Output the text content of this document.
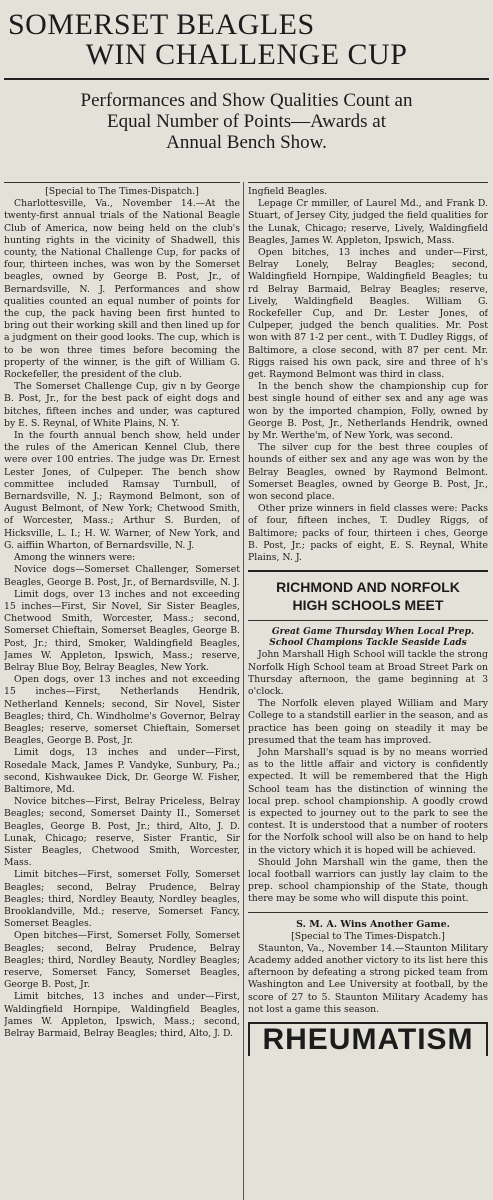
SOMERSET BEAGLES
WIN CHALLENGE CUP
Performances and Show Qualities Count an
Equal Number of Points—Awards at
Annual Bench Show.

[Special to The Times-Dispatch.]

Charlottesville, Va., November 14.—At the twenty-first annual trials of the National Beagle Club of America, now being held on the club's hunting rights in the vicinity of Shadwell, this county, the National Challenge Cup, for packs of four, thirteen inches, was won by the Somerset beagles, owned by George B. Post, Jr., of Bernardsville, N. J. Performances and show qualities counted an equal number of points for the cup, the pack having been first hunted to bring out their working skill and then lined up for a judgment on their good looks. The cup, which is to be won three times before becoming the property of the winner, is the gift of William G. Rockefeller, the president of the club.

The Somerset Challenge Cup, giv n by George B. Post, Jr., for the best pack of eight dogs and bitches, fifteen inches and under, was captured by E. S. Reynal, of White Plains, N. Y.

In the fourth annual bench show, held under the rules of the American Kennel Club, there were over 100 entries. The judge was Dr. Ernest Lester Jones, of Culpeper. The bench show committee included Ramsay Turnbull, of Bernardsville, N. J.; Raymond Belmont, son of August Belmont, of New York; Chetwood Smith, of Worcester, Mass.; Arthur S. Burden, of Hicksville, L. I.; H. W. Warner, of New York, and G. aiffiin Wharton, of Bernardsville, N. J.

Among the winners were:

Novice dogs—Somerset Challenger, Somerset Beagles, George B. Post, Jr., of Bernardsville, N. J.

Limit dogs, over 13 inches and not exceeding 15 inches—First, Sir Novel, Sir Sister Beagles, Chetwood Smith, Worcester, Mass.; second, Somerset Chieftain, Somerset Beagles, George B. Post, Jr.; third, Smoker, Waldingfield Beagles, James W. Appleton, Ipswich, Mass.; reserve, Belray Blue Boy, Belray Beagles, New York.

Open dogs, over 13 inches and not exceeding 15 inches—First, Netherlands Hendrik, Netherland Kennels; second, Sir Novel, Sister Beagles; third, Ch. Windholme's Governor, Belray Beagles; reserve, somerset Chieftain, Somerset Beagles, George B. Post, Jr.

Limit dogs, 13 inches and under—First, Rosedale Mack, James P. Vandyke, Sunbury, Pa.; second, Kishwaukee Dick, Dr. George W. Fisher, Baltimore, Md.

Novice bitches—First, Belray Priceless, Belray Beagles; second, Somerset Dainty II., Somerset Beagles, George B. Post, Jr.; third, Alto, J. D. Lunak, Chicago; reserve, Sister Frantic, Sir Sister Beagles, Chetwood Smith, Worcester, Mass.

Limit bitches—First, somerset Folly, Somerset Beagles; second, Belray Prudence, Belray Beagles; third, Nordley Beauty, Nordley beagles, Brooklandville, Md.; reserve, Somerset Fancy, Somerset Beagles.

Open bitches—First, Somerset Folly, Somerset Beagles; second, Belray Prudence, Belray Beagles; third, Nordley Beauty, Nordley Beagles; reserve, Somerset Fancy, Somerset Beagles, George B. Post, Jr.

Limit bitches, 13 inches and under—First, Waldingfield Hornpipe, Waldingfield Beagles, James W. Appleton, Ipswich, Mass.; second, Belray Barmaid, Belray Beagles; third, Alto, J. D.

Ingfield Beagles.

Lepage Cr mmiller, of Laurel Md., and Frank D. Stuart, of Jersey City, judged the field qualities for the Lunak, Chicago; reserve, Lively, Waldingfield Beagles, James W. Appleton, Ipswich, Mass.

Open bitches, 13 inches and under—First, Belray Lonely, Belray Beagles; second, Waldingfield Hornpipe, Waldingfield Beagles; tu rd Belray Barmaid, Belray Beagles; reserve, Lively, Waldingfield Beagles. William G. Rockefeller Cup, and Dr. Lester Jones, of Culpeper, judged the bench qualities. Mr. Post won with 87 1-2 per cent., with T. Dudley Riggs, of Baltimore, a close second, with 87 per cent. Mr. Riggs raised his own pack, sire and three of h's get. Raymond Belmont was third in class.

In the bench show the championship cup for best single hound of either sex and any age was won by the imported champion, Folly, owned by George B. Post, Jr., Netherlands Hendrik, owned by Mr. Werthe'm, of New York, was second.

The silver cup for the best three couples of hounds of either sex and any age was won by the Belray Beagles, owned by Raymond Belmont. Somerset Beagles, owned by George B. Post, Jr., won second place.

Other prize winners in field classes were: Packs of four, fifteen inches, T. Dudley Riggs, of Baltimore; packs of four, thirteen i ches, George B. Post, Jr.; packs of eight, E. S. Reynal, White Plains, N. J.

RICHMOND AND NORFOLK
HIGH SCHOOLS MEET

Great Game Thursday When Local Prep. School Champions Tackle Seaside Lads

John Marshall High School will tackle the strong Norfolk High School team at Broad Street Park on Thursday afternoon, the game beginning at 3 o'clock.

The Norfolk eleven played William and Mary College to a standstill earlier in the season, and as practice has been going on steadily it may be presumed that the team has improved.

John Marshall's squad is by no means worried as to the little affair and victory is confidently expected. It will be remembered that the High School team has the distinction of winning the local prep. school championship. A goodly crowd is expected to journey out to the park to see the contest. It is understood that a number of rooters for the Norfolk school will also be on hand to help in the victory which it is hoped will be achieved.

Should John Marshall win the game, then the local football warriors can justly lay claim to the prep. school championship of the State, though there may be some who will dispute this point.

S. M. A. Wins Another Game.

[Special to The Times-Dispatch.]

Staunton, Va., November 14.—Staunton Military Academy added another victory to its list here this afternoon by defeating a strong picked team from Washington and Lee University at football, by the score of 27 to 5. Staunton Military Academy has not lost a game this season.

RHEUMATISM
